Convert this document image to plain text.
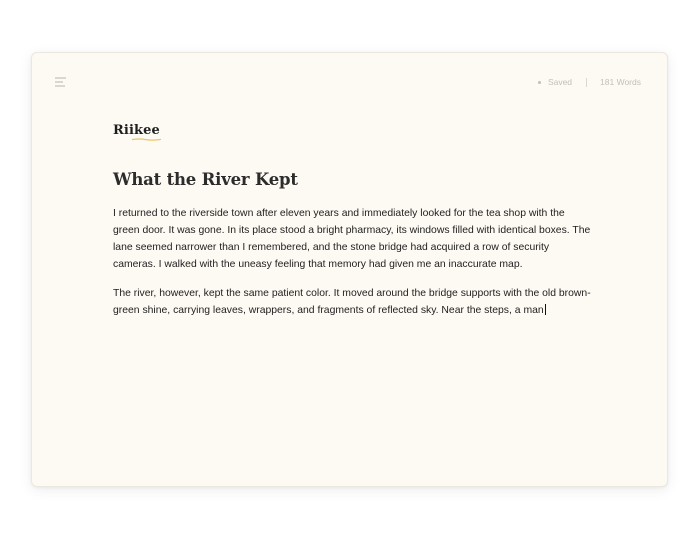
Saved	181 Words
Riikee
What the River Kept

I returned to the riverside town after eleven years and immediately looked for the tea shop with the green door. It was gone. In its place stood a bright pharmacy, its windows filled with identical boxes. The lane seemed narrower than I remembered, and the stone bridge had acquired a row of security cameras. I walked with the uneasy feeling that memory had given me an inaccurate map.

The river, however, kept the same patient color. It moved around the bridge supports with the old brown-green shine, carrying leaves, wrappers, and fragments of reflected sky. Near the steps, a man
